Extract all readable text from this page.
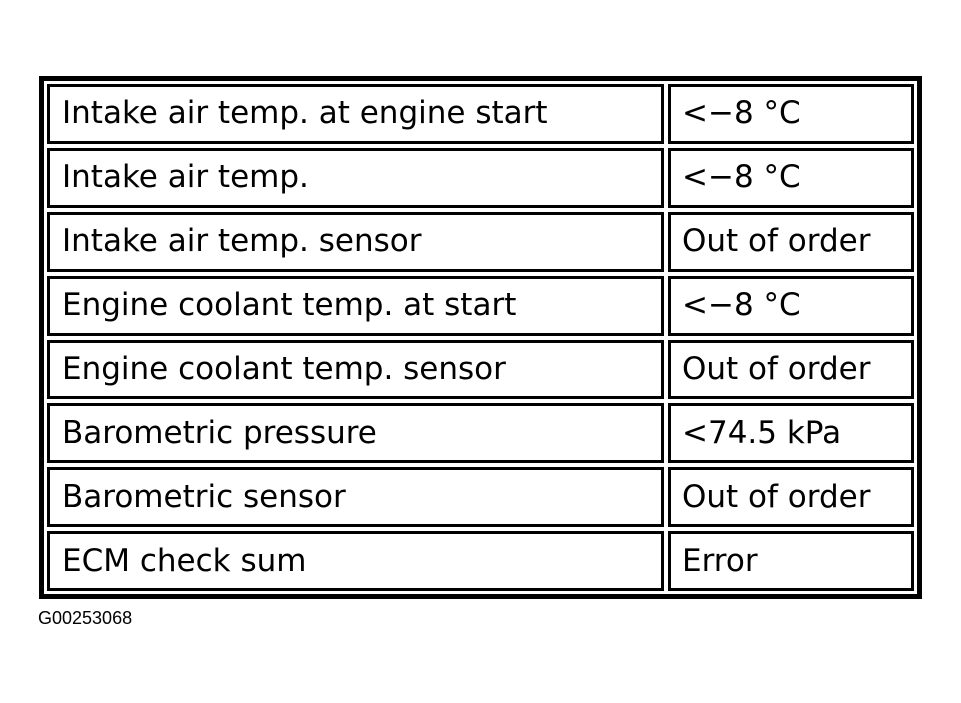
Intake air temp. at engine start	<−8 °C
Intake air temp.	<−8 °C
Intake air temp. sensor	Out of order
Engine coolant temp. at start	<−8 °C
Engine coolant temp. sensor	Out of order
Barometric pressure	<74.5 kPa
Barometric sensor	Out of order
ECM check sum	Error
G00253068
